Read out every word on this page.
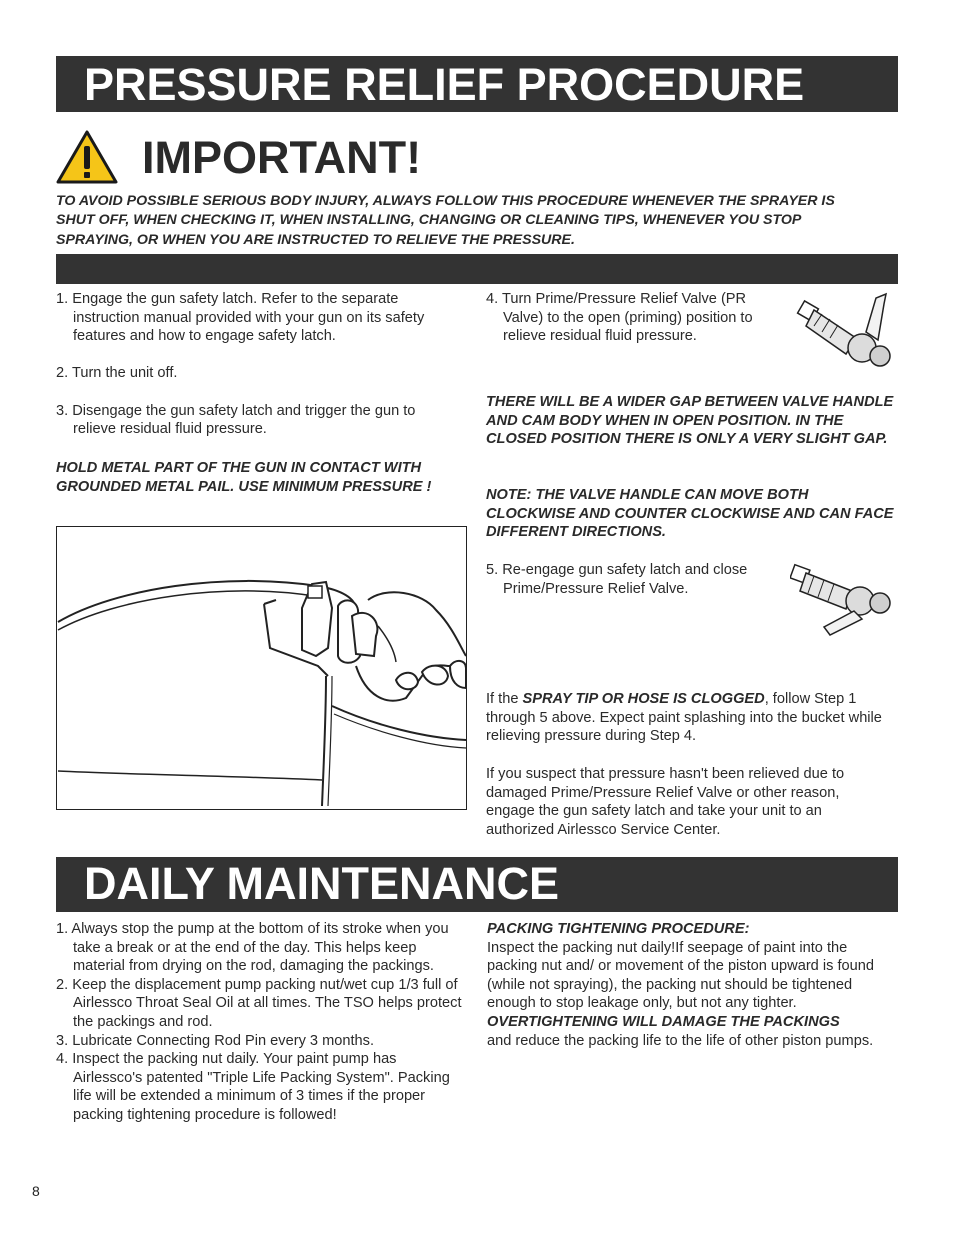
PRESSURE RELIEF PROCEDURE
IMPORTANT!
TO AVOID POSSIBLE SERIOUS BODY INJURY, ALWAYS FOLLOW THIS PROCEDURE WHENEVER THE SPRAYER IS SHUT OFF, WHEN CHECKING IT, WHEN INSTALLING, CHANGING OR CLEANING TIPS, WHENEVER YOU STOP SPRAYING, OR WHEN YOU ARE INSTRUCTED TO RELIEVE THE PRESSURE.
1. Engage the gun safety latch. Refer to the separate instruction manual provided with your gun on its safety features and how to engage safety latch.
2. Turn the unit off.
3. Disengage the gun safety latch and trigger the gun to relieve residual fluid pressure.
HOLD METAL PART OF THE GUN IN CONTACT WITH GROUNDED METAL PAIL. USE MINIMUM PRESSURE !
4. Turn Prime/Pressure Relief Valve (PR Valve) to the open (priming) position to relieve residual fluid pressure.
THERE WILL BE A WIDER GAP BETWEEN VALVE HANDLE AND CAM BODY WHEN IN OPEN POSITION. IN THE CLOSED POSITION THERE IS ONLY A VERY SLIGHT GAP.
NOTE: THE VALVE HANDLE CAN MOVE BOTH CLOCKWISE AND COUNTER CLOCKWISE AND CAN FACE DIFFERENT DIRECTIONS.
5. Re-engage gun safety latch and close Prime/Pressure Relief Valve.
If the SPRAY TIP OR HOSE IS CLOGGED, follow Step 1 through 5 above. Expect paint splashing into the bucket while relieving pressure during Step 4.
If you suspect that pressure hasn't been relieved due to damaged Prime/Pressure Relief Valve or other reason, engage the gun safety latch and take your unit to an authorized Airlessco Service Center.
DAILY MAINTENANCE
1. Always stop the pump at the bottom of its stroke when you take a break or at the end of the day. This helps keep material from drying on the rod, damaging the packings.
2. Keep the displacement pump packing nut/wet cup 1/3 full of Airlessco Throat Seal Oil at all times. The TSO helps protect the packings and rod.
3. Lubricate Connecting Rod Pin every 3 months.
4. Inspect the packing nut daily. Your paint pump has Airlessco's patented "Triple Life Packing System". Packing life will be extended a minimum of 3 times if the proper packing tightening procedure is followed!
PACKING TIGHTENING PROCEDURE:
Inspect the packing nut daily!If seepage of paint into the packing nut and/ or movement of the piston upward is found (while not spraying), the packing nut should be tightened enough to stop leakage only, but not any tighter.
OVERTIGHTENING WILL DAMAGE THE PACKINGS
and reduce the packing life to the life of other piston pumps.
8
